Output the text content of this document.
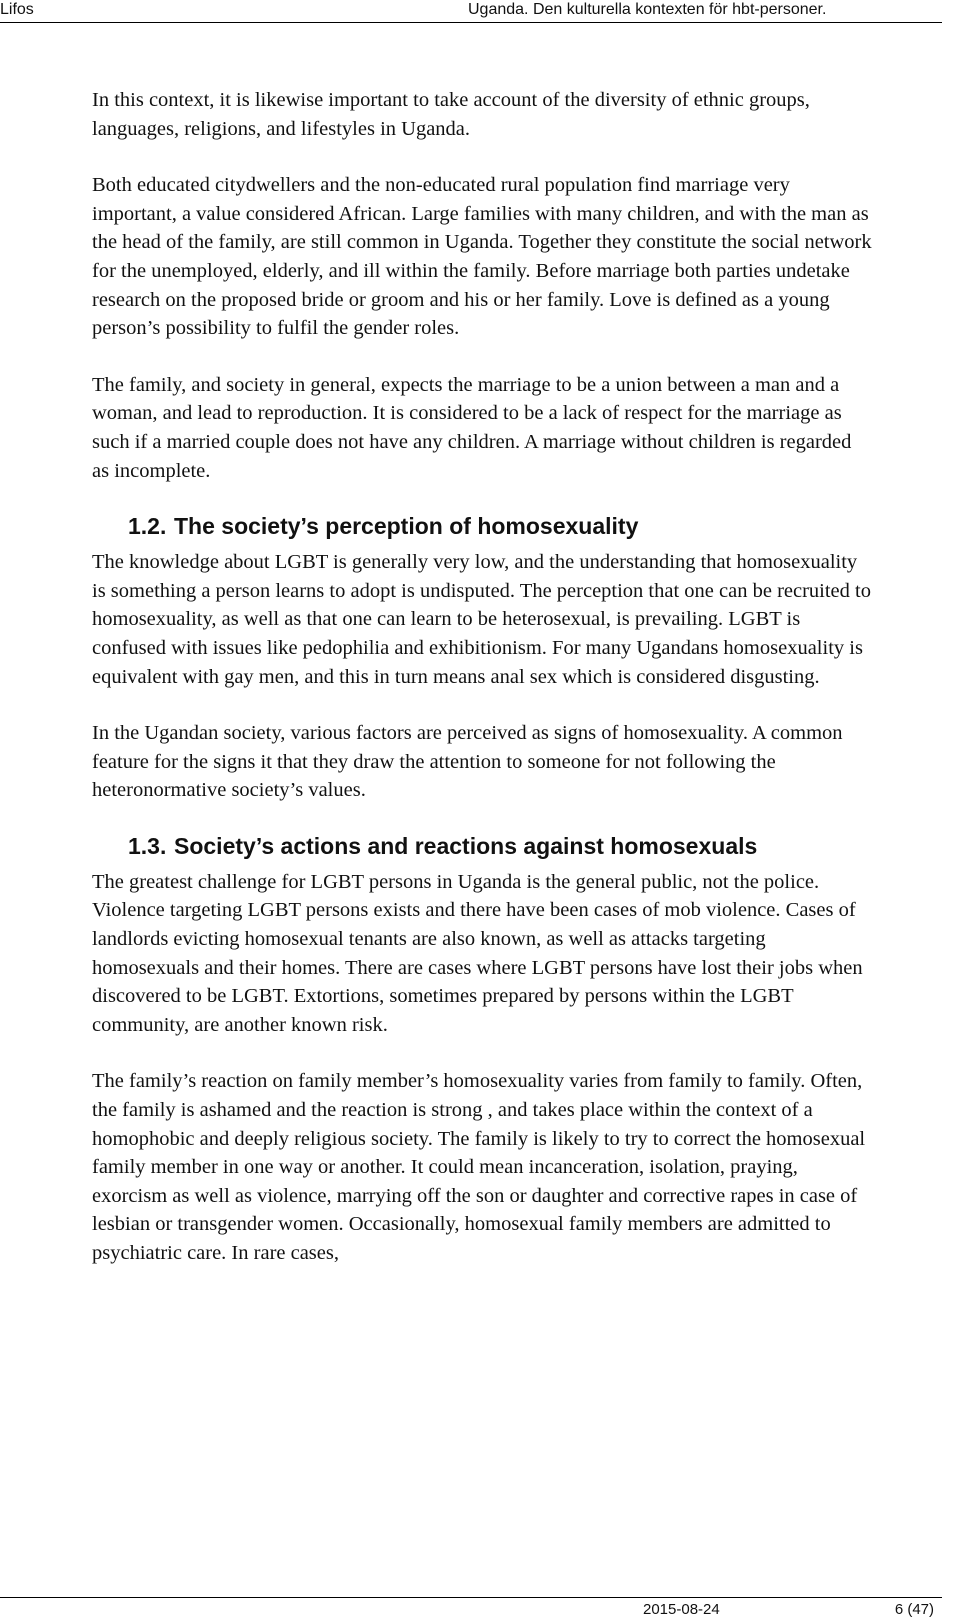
Lifos	Uganda. Den kulturella kontexten för hbt-personer.

In this context, it is likewise important to take account of the diversity of ethnic groups, languages, religions, and lifestyles in Uganda.

Both educated citydwellers and the non-educated rural population find marriage very important, a value considered African. Large families with many children, and with the man as the head of the family, are still common in Uganda. Together they constitute the social network for the unemployed, elderly, and ill within the family. Before marriage both parties undetake research on the proposed bride or groom and his or her family. Love is defined as a young person’s possibility to fulfil the gender roles.

The family, and society in general, expects the marriage to be a union between a man and a woman, and lead to reproduction. It is considered to be a lack of respect for the marriage as such if a married couple does not have any children. A marriage without children is regarded as incomplete.

1.2. The society’s perception of homosexuality

The knowledge about LGBT is generally very low, and the understanding that homosexuality is something a person learns to adopt is undisputed. The perception that one can be recruited to homosexuality, as well as that one can learn to be heterosexual, is prevailing. LGBT is confused with issues like pedophilia and exhibitionism. For many Ugandans homosexuality is equivalent with gay men, and this in turn means anal sex which is considered disgusting.

In the Ugandan society, various factors are perceived as signs of homosexuality. A common feature for the signs it that they draw the attention to someone for not following the heteronormative society’s values.

1.3. Society’s actions and reactions against homosexuals

The greatest challenge for LGBT persons in Uganda is the general public, not the police. Violence targeting LGBT persons exists and there have been cases of mob violence. Cases of landlords evicting homosexual tenants are also known, as well as attacks targeting homosexuals and their homes. There are cases where LGBT persons have lost their jobs when discovered to be LGBT. Extortions, sometimes prepared by persons within the LGBT community, are another known risk.

The family’s reaction on family member’s homosexuality varies from family to family. Often, the family is ashamed and the reaction is strong , and takes place within the context of a homophobic and deeply religious society. The family is likely to try to correct the homosexual family member in one way or another. It could mean incanceration, isolation, praying, exorcism as well as violence, marrying off the son or daughter and corrective rapes in case of lesbian or transgender women. Occasionally, homosexual family members are admitted to psychiatric care. In rare cases,

2015-08-24	6 (47)
